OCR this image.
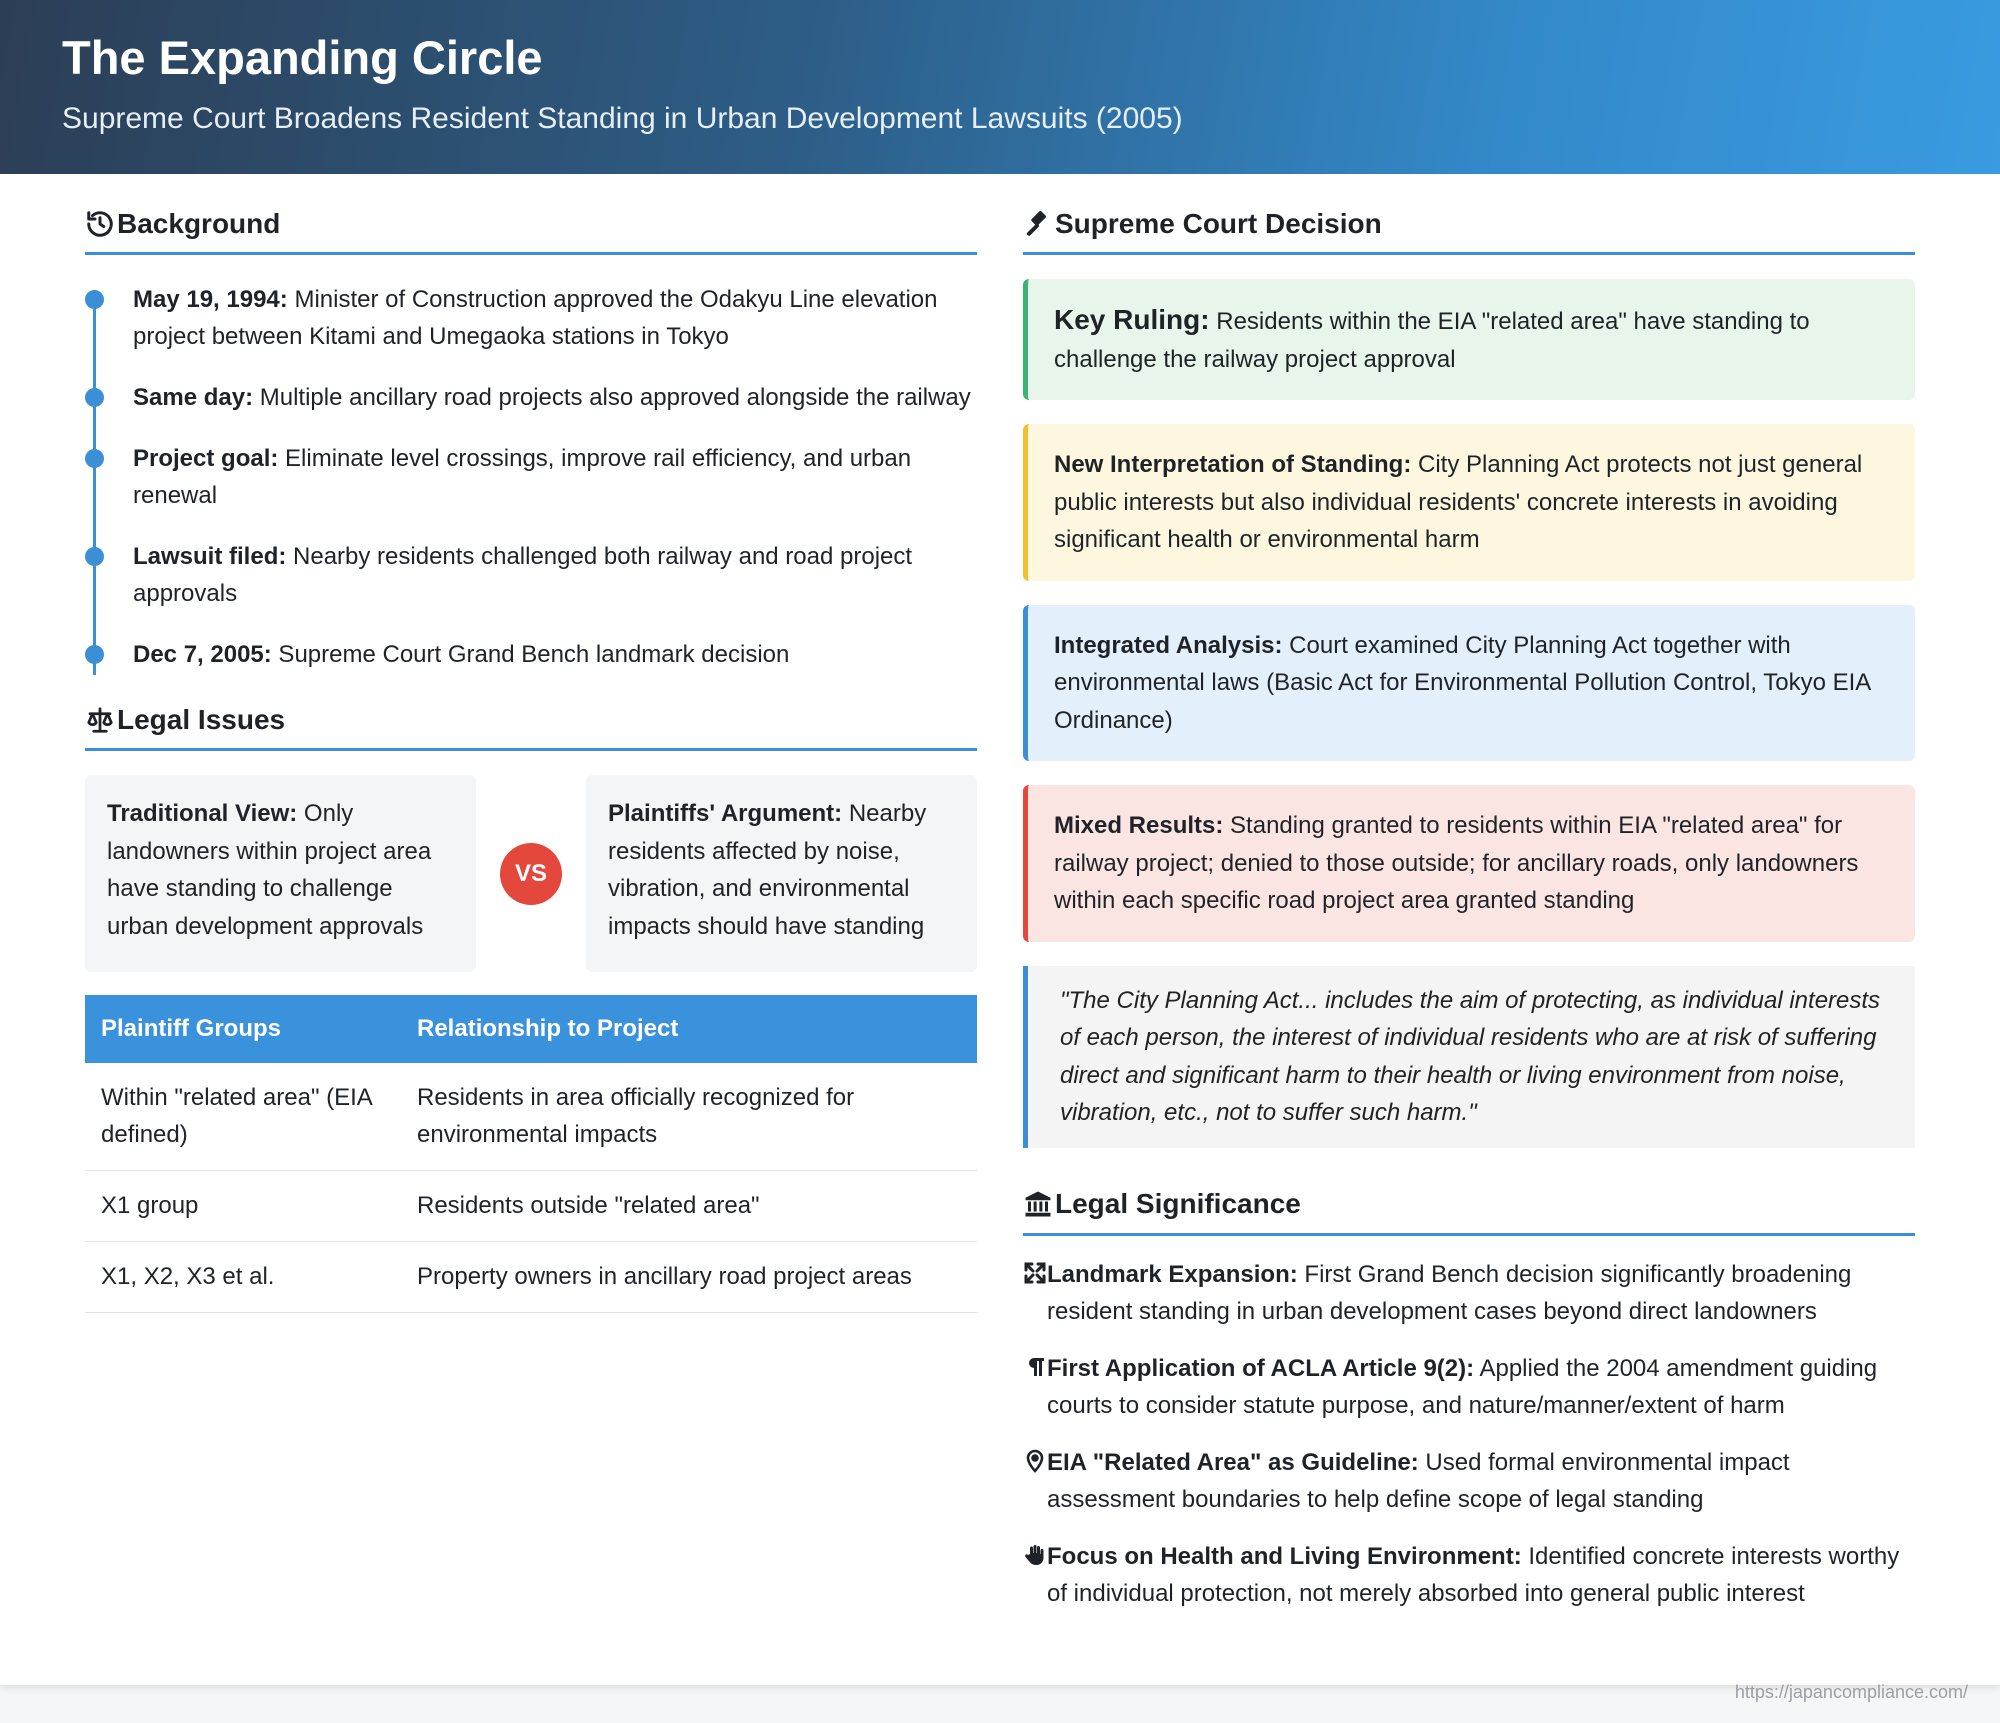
The Expanding Circle
Supreme Court Broadens Resident Standing in Urban Development Lawsuits (2005)
Background
May 19, 1994: Minister of Construction approved the Odakyu Line elevation project between Kitami and Umegaoka stations in Tokyo
Same day: Multiple ancillary road projects also approved alongside the railway
Project goal: Eliminate level crossings, improve rail efficiency, and urban renewal
Lawsuit filed: Nearby residents challenged both railway and road project approvals
Dec 7, 2005: Supreme Court Grand Bench landmark decision
Legal Issues
Traditional View: Only landowners within project area have standing to challenge urban development approvals
VS
Plaintiffs' Argument: Nearby residents affected by noise, vibration, and environmental impacts should have standing
Plaintiff Groups	Relationship to Project
Within "related area" (EIA defined)	Residents in area officially recognized for environmental impacts
X1 group	Residents outside "related area"
X1, X2, X3 et al.	Property owners in ancillary road project areas
Supreme Court Decision
Key Ruling: Residents within the EIA "related area" have standing to challenge the railway project approval
New Interpretation of Standing: City Planning Act protects not just general public interests but also individual residents' concrete interests in avoiding significant health or environmental harm
Integrated Analysis: Court examined City Planning Act together with environmental laws (Basic Act for Environmental Pollution Control, Tokyo EIA Ordinance)
Mixed Results: Standing granted to residents within EIA "related area" for railway project; denied to those outside; for ancillary roads, only landowners within each specific road project area granted standing
"The City Planning Act... includes the aim of protecting, as individual interests of each person, the interest of individual residents who are at risk of suffering direct and significant harm to their health or living environment from noise, vibration, etc., not to suffer such harm."
Legal Significance
Landmark Expansion: First Grand Bench decision significantly broadening resident standing in urban development cases beyond direct landowners
First Application of ACLA Article 9(2): Applied the 2004 amendment guiding courts to consider statute purpose, and nature/manner/extent of harm
EIA "Related Area" as Guideline: Used formal environmental impact assessment boundaries to help define scope of legal standing
Focus on Health and Living Environment: Identified concrete interests worthy of individual protection, not merely absorbed into general public interest
https://japancompliance.com/
